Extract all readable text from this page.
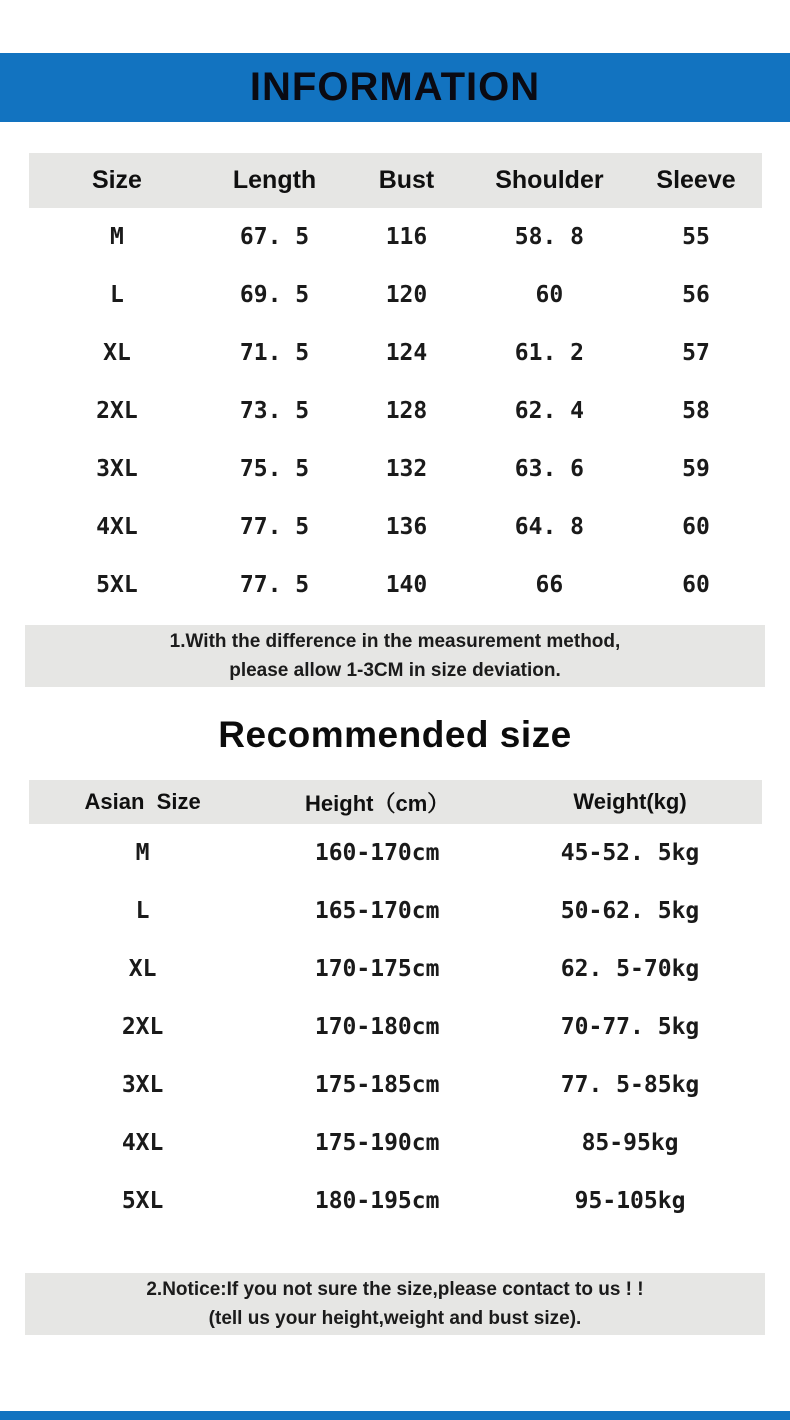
INFORMATION
Size	Length	Bust	Shoulder	Sleeve
M	67. 5	116	58. 8	55
L	69. 5	120	60	56
XL	71. 5	124	61. 2	57
2XL	73. 5	128	62. 4	58
3XL	75. 5	132	63. 6	59
4XL	77. 5	136	64. 8	60
5XL	77. 5	140	66	60
1.With the difference in the measurement method,
please allow 1-3CM in size deviation.
Recommended size
Asian  Size	Height（cm）	Weight(kg)
M	160-170cm	45-52. 5kg
L	165-170cm	50-62. 5kg
XL	170-175cm	62. 5-70kg
2XL	170-180cm	70-77. 5kg
3XL	175-185cm	77. 5-85kg
4XL	175-190cm	85-95kg
5XL	180-195cm	95-105kg
2.Notice:If you not sure the size,please contact to us ! !
(tell us your height,weight and bust size).
